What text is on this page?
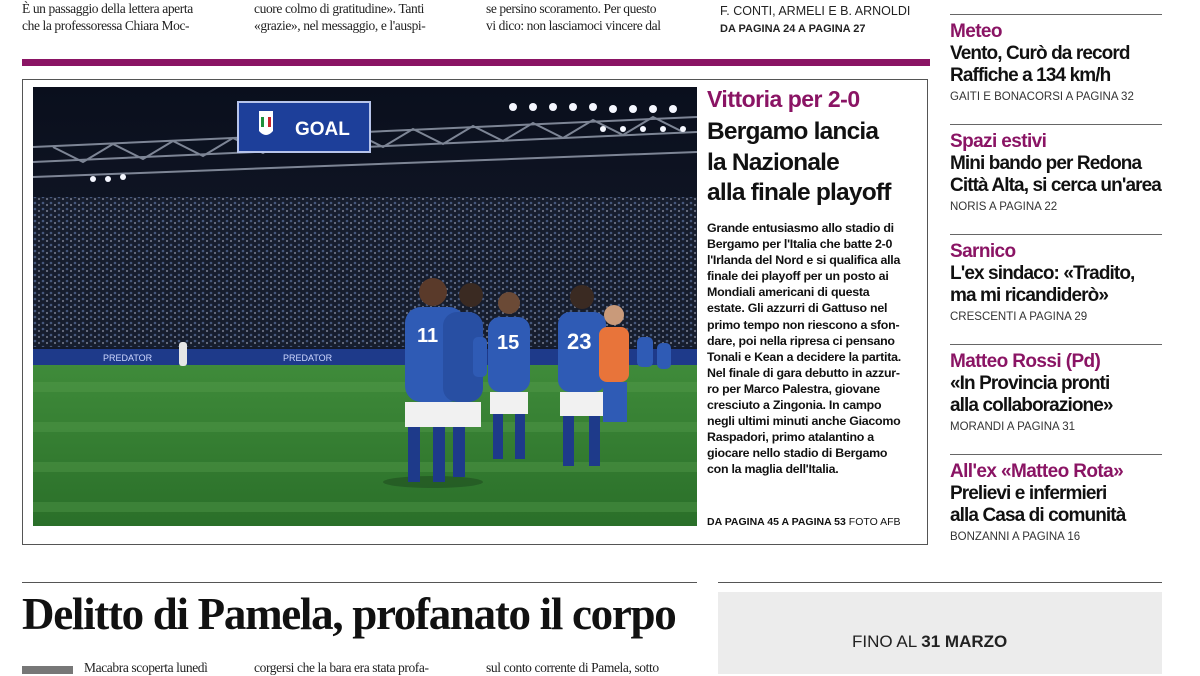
È un passaggio della lettera aperta
che la professoressa Chiara Moc-
cuore colmo di gratitudine». Tanti
«grazie», nel messaggio, e l'auspi-
se persino scoramento. Per questo
vi dico: non lasciamoci vincere dal
F. CONTI, ARMELI E B. ARNOLDI
DA PAGINA 24 A PAGINA 27
GOAL
PREDATOR	PREDATOR
11	15 23
Vittoria per 2-0
Bergamo lancia
la Nazionale
alla finale playoff
Grande entusiasmo allo stadio di
Bergamo per l'Italia che batte 2-0
l'Irlanda del Nord e si qualifica alla
finale dei playoff per un posto ai
Mondiali americani di questa
estate. Gli azzurri di Gattuso nel
primo tempo non riescono a sfon-
dare, poi nella ripresa ci pensano
Tonali e Kean a decidere la partita.
Nel finale di gara debutto in azzur-
ro per Marco Palestra, giovane
cresciuto a Zingonia. In campo
negli ultimi minuti anche Giacomo
Raspadori, primo atalantino a
giocare nello stadio di Bergamo
con la maglia dell'Italia.
DA PAGINA 45 A PAGINA 53 FOTO AFB
Meteo
Vento, Curò da record
Raffiche a 134 km/h
GAITI E BONACORSI A PAGINA 32
Spazi estivi
Mini bando per Redona
Città Alta, si cerca un'area
NORIS A PAGINA 22
Sarnico
L'ex sindaco: «Tradito,
ma mi ricandiderò»
CRESCENTI A PAGINA 29
Matteo Rossi (Pd)
«In Provincia pronti
alla collaborazione»
MORANDI A PAGINA 31
All'ex «Matteo Rota»
Prelievi e infermieri
alla Casa di comunità
BONZANNI A PAGINA 16
Delitto di Pamela, profanato il corpo
Macabra scoperta lunedì	corgersi che la bara era stata profa-	sul conto corrente di Pamela, sotto
FINO AL 31 MARZO
